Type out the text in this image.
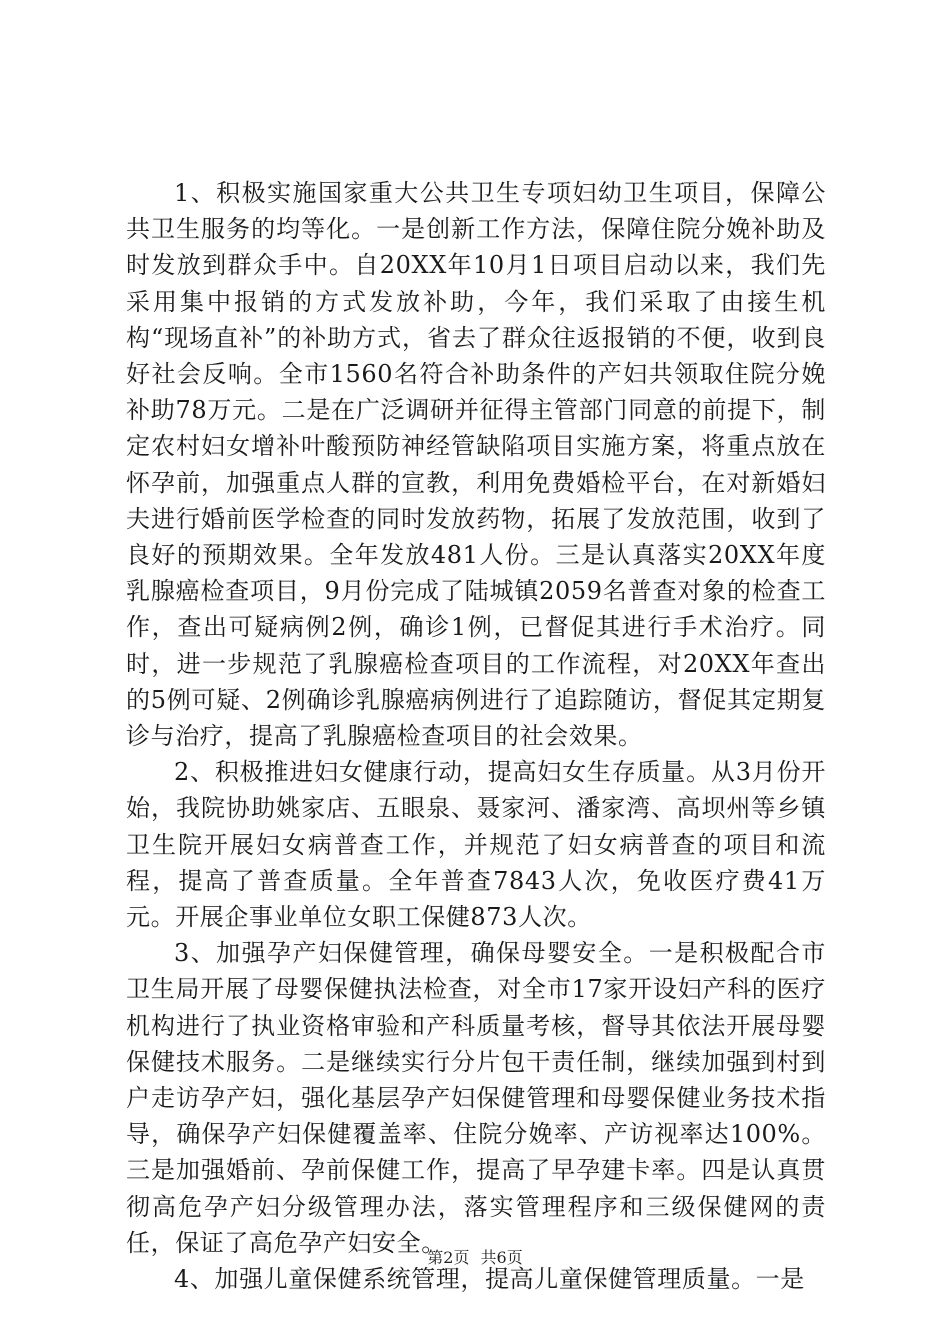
1、积极实施国家重大公共卫生专项妇幼卫生项目，保障公共卫生服务的均等化。一是创新工作方法，保障住院分娩补助及时发放到群众手中。自20XX年10月1日项目启动以来，我们先采用集中报销的方式发放补助，今年，我们采取了由接生机构“现场直补”的补助方式，省去了群众往返报销的不便，收到良好社会反响。全市1560名符合补助条件的产妇共领取住院分娩补助78万元。二是在广泛调研并征得主管部门同意的前提下，制定农村妇女增补叶酸预防神经管缺陷项目实施方案，将重点放在怀孕前，加强重点人群的宣教，利用免费婚检平台，在对新婚妇夫进行婚前医学检查的同时发放药物，拓展了发放范围，收到了良好的预期效果。全年发放481人份。三是认真落实20XX年度乳腺癌检查项目，9月份完成了陆城镇2059名普查对象的检查工作，查出可疑病例2例，确诊1例，已督促其进行手术治疗。同时，进一步规范了乳腺癌检查项目的工作流程，对20XX年查出的5例可疑、2例确诊乳腺癌病例进行了追踪随访，督促其定期复诊与治疗，提高了乳腺癌检查项目的社会效果。

2、积极推进妇女健康行动，提高妇女生存质量。从3月份开始，我院协助姚家店、五眼泉、聂家河、潘家湾、高坝州等乡镇卫生院开展妇女病普查工作，并规范了妇女病普查的项目和流程，提高了普查质量。全年普查7843人次，免收医疗费41万元。开展企事业单位女职工保健873人次。

3、加强孕产妇保健管理，确保母婴安全。一是积极配合市卫生局开展了母婴保健执法检查，对全市17家开设妇产科的医疗机构进行了执业资格审验和产科质量考核，督导其依法开展母婴保健技术服务。二是继续实行分片包干责任制，继续加强到村到户走访孕产妇，强化基层孕产妇保健管理和母婴保健业务技术指导，确保孕产妇保健覆盖率、住院分娩率、产访视率达100%。三是加强婚前、孕前保健工作，提高了早孕建卡率。四是认真贯彻高危孕产妇分级管理办法，落实管理程序和三级保健网的责任，保证了高危孕产妇安全。

4、加强儿童保健系统管理，提高儿童保健管理质量。一是

第2页 共6页
